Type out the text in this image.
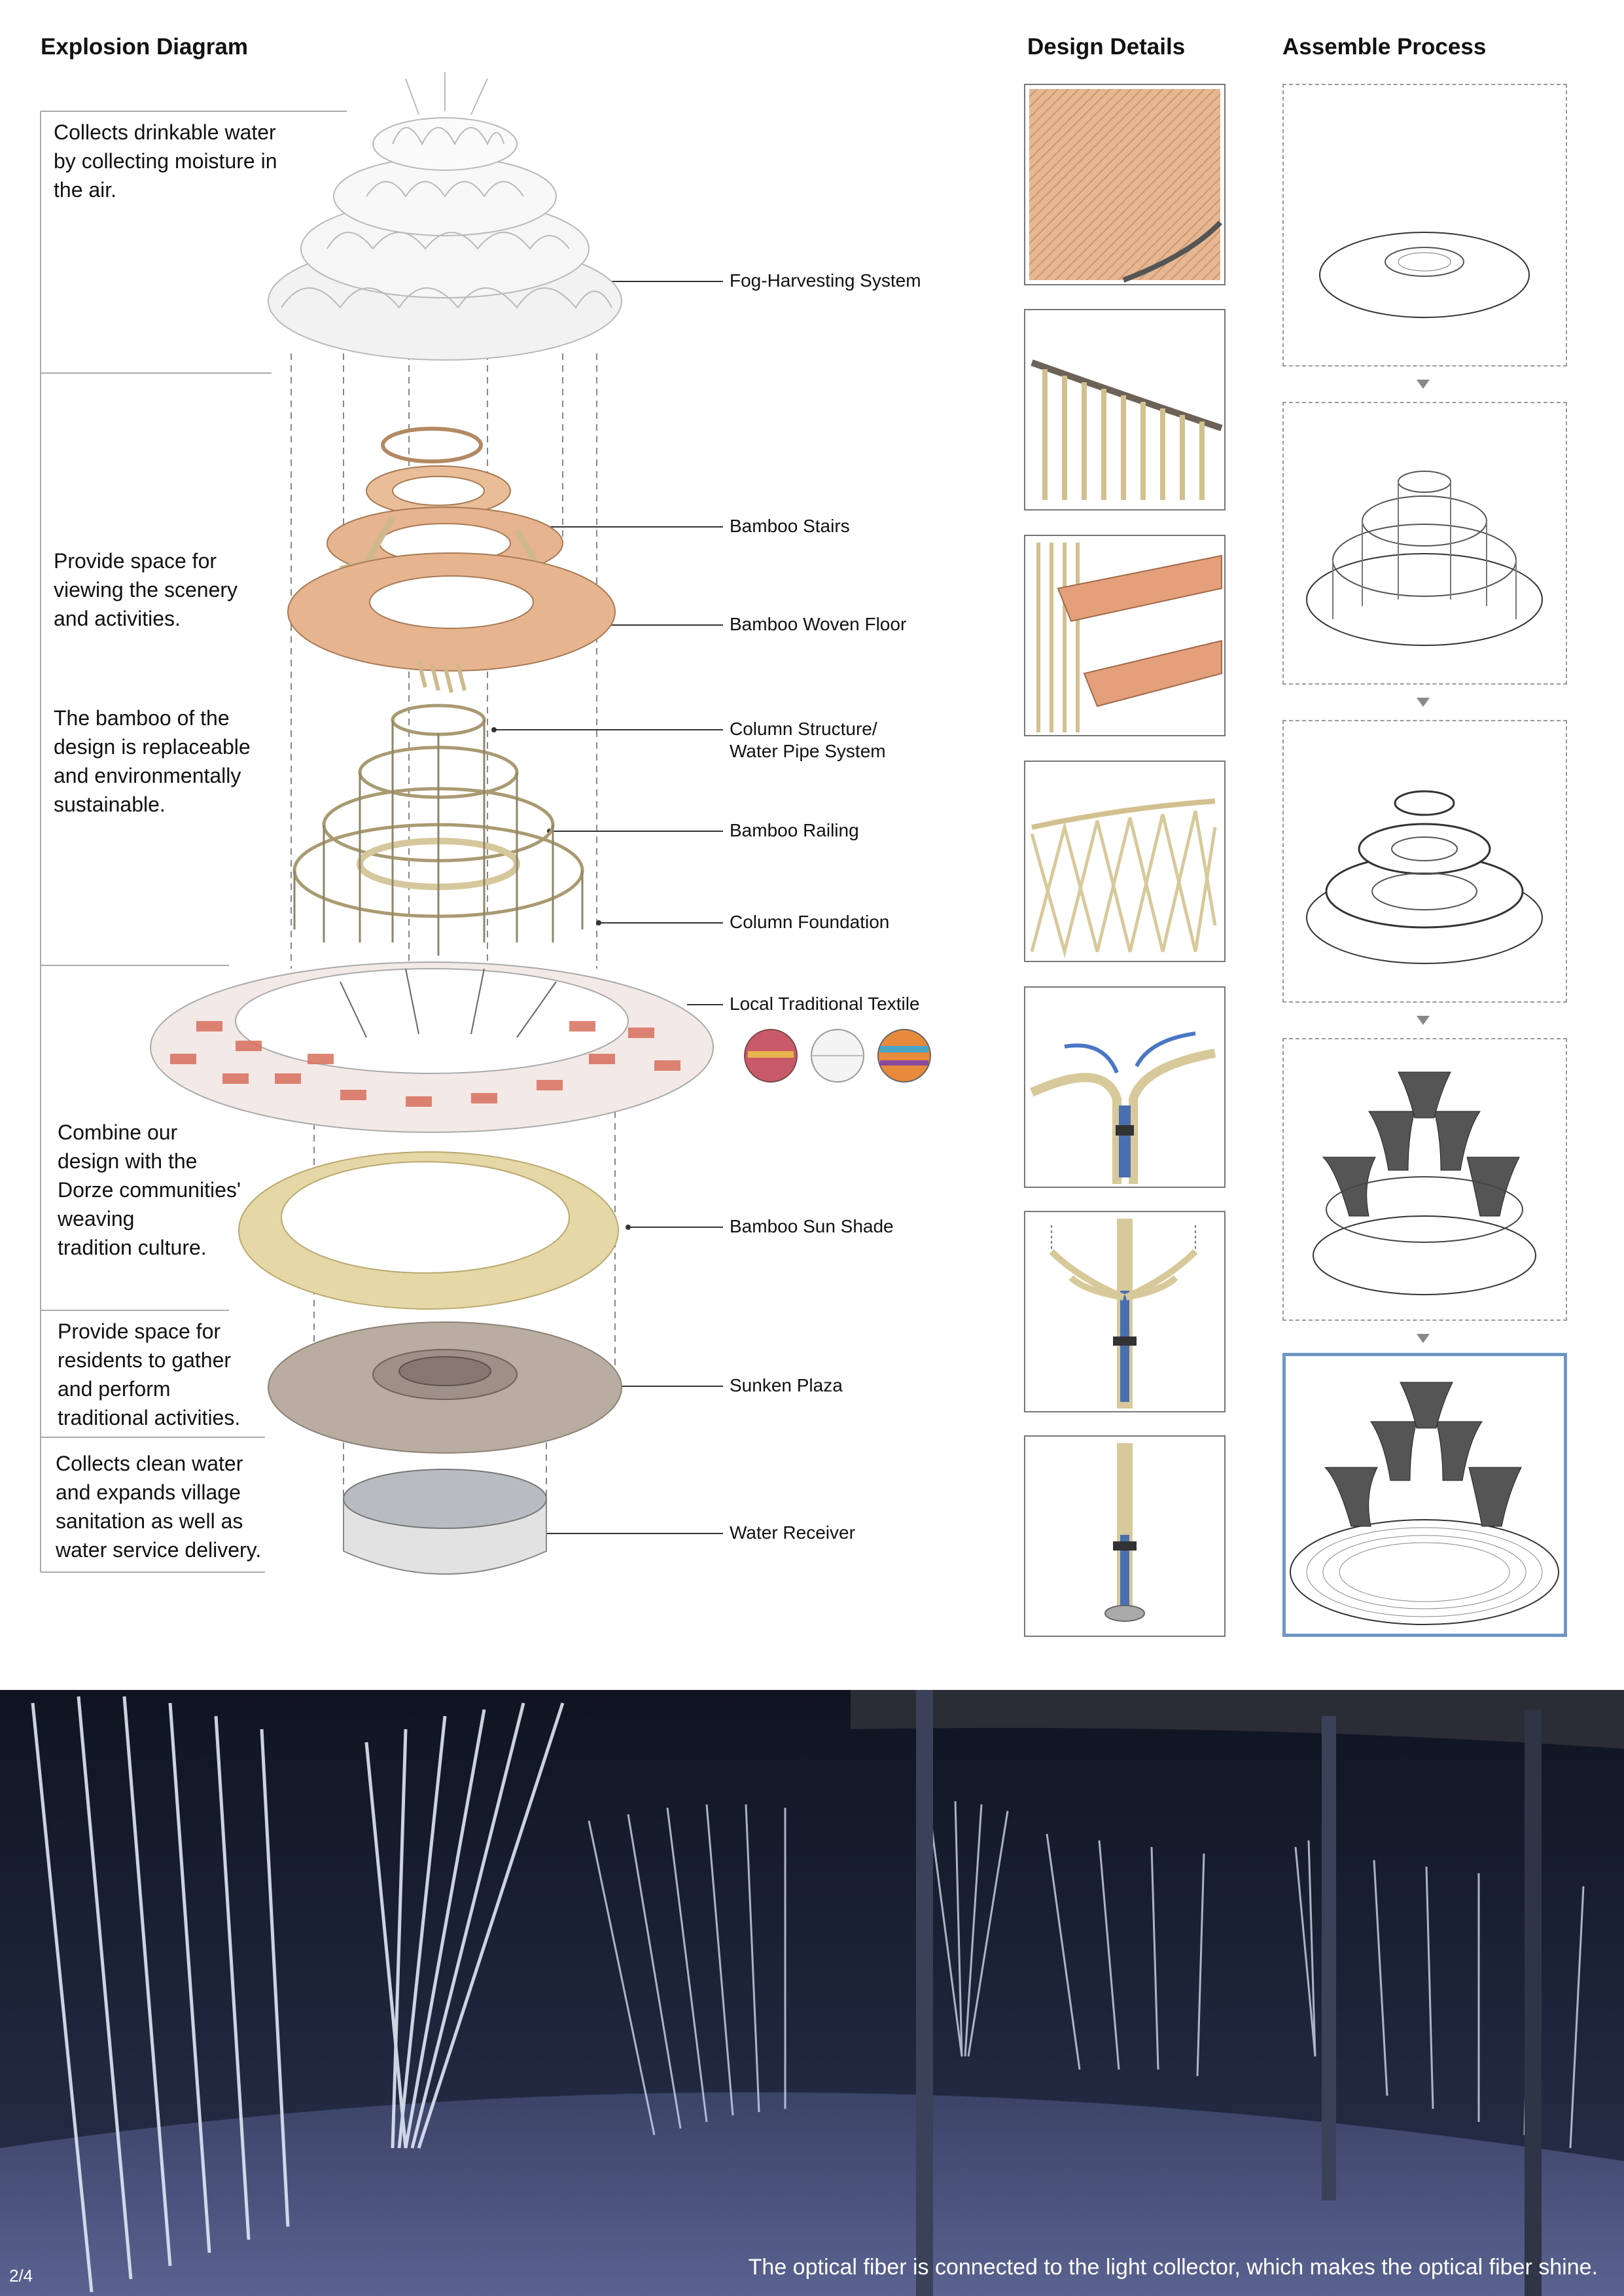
Explosion Diagram	Design Details	Assemble Process
Collects drinkable water
by collecting moisture in
the air.
Provide space for
viewing the scenery
and activities.
The bamboo of the
design is replaceable
and environmentally
sustainable.
Combine our
design with the
Dorze communities'
weaving
tradition culture.
Provide space for
residents to gather
and perform
traditional activities.
Collects clean water
and expands village
sanitation as well as
water service delivery.
Fog-Harvesting System
Bamboo Stairs
Bamboo Woven Floor
Column Structure/
Water Pipe System
Bamboo Railing
Column Foundation
Local Traditional Textile
Bamboo Sun Shade
Sunken Plaza
Water Receiver
The optical fiber is connected to the light collector, which makes the optical fiber shine.
2/4
